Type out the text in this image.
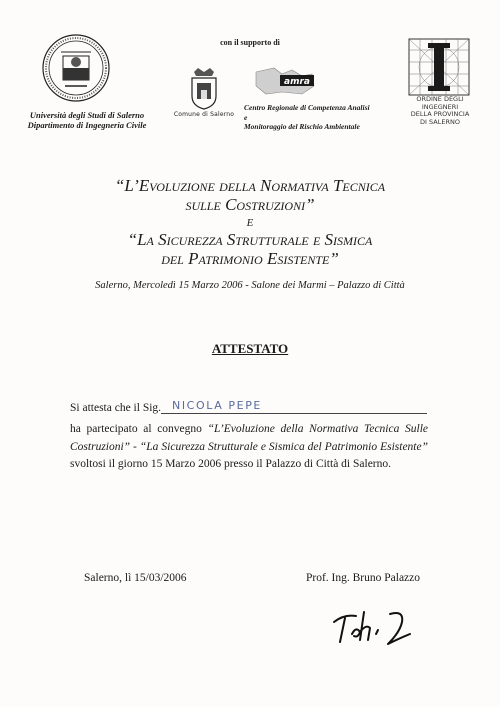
Università degli Studi di Salerno
Dipartimento di Ingegneria Civile
con il supporto di
Comune di Salerno
amra
Centro Regionale di Competenza Analisi e
Monitoraggio del Rischio Ambientale
ORDINE DEGLI
INGEGNERI
DELLA PROVINCIA
DI SALERNO
“L’Evoluzione della Normativa Tecnica
sulle Costruzioni”
e
“La Sicurezza Strutturale e Sismica
del Patrimonio Esistente”
Salerno, Mercoledì 15 Marzo 2006 - Salone dei Marmi – Palazzo di Città
ATTESTATO
Si attesta che il Sig. NICOLA PEPE
ha partecipato al convegno “L’Evoluzione della Normativa Tecnica Sulle Costruzioni” - “La Sicurezza Strutturale e Sismica del Patrimonio Esistente” svoltosi il giorno 15 Marzo 2006 presso il Palazzo di Città di Salerno.
Salerno, lì 15/03/2006	Prof. Ing. Bruno Palazzo
